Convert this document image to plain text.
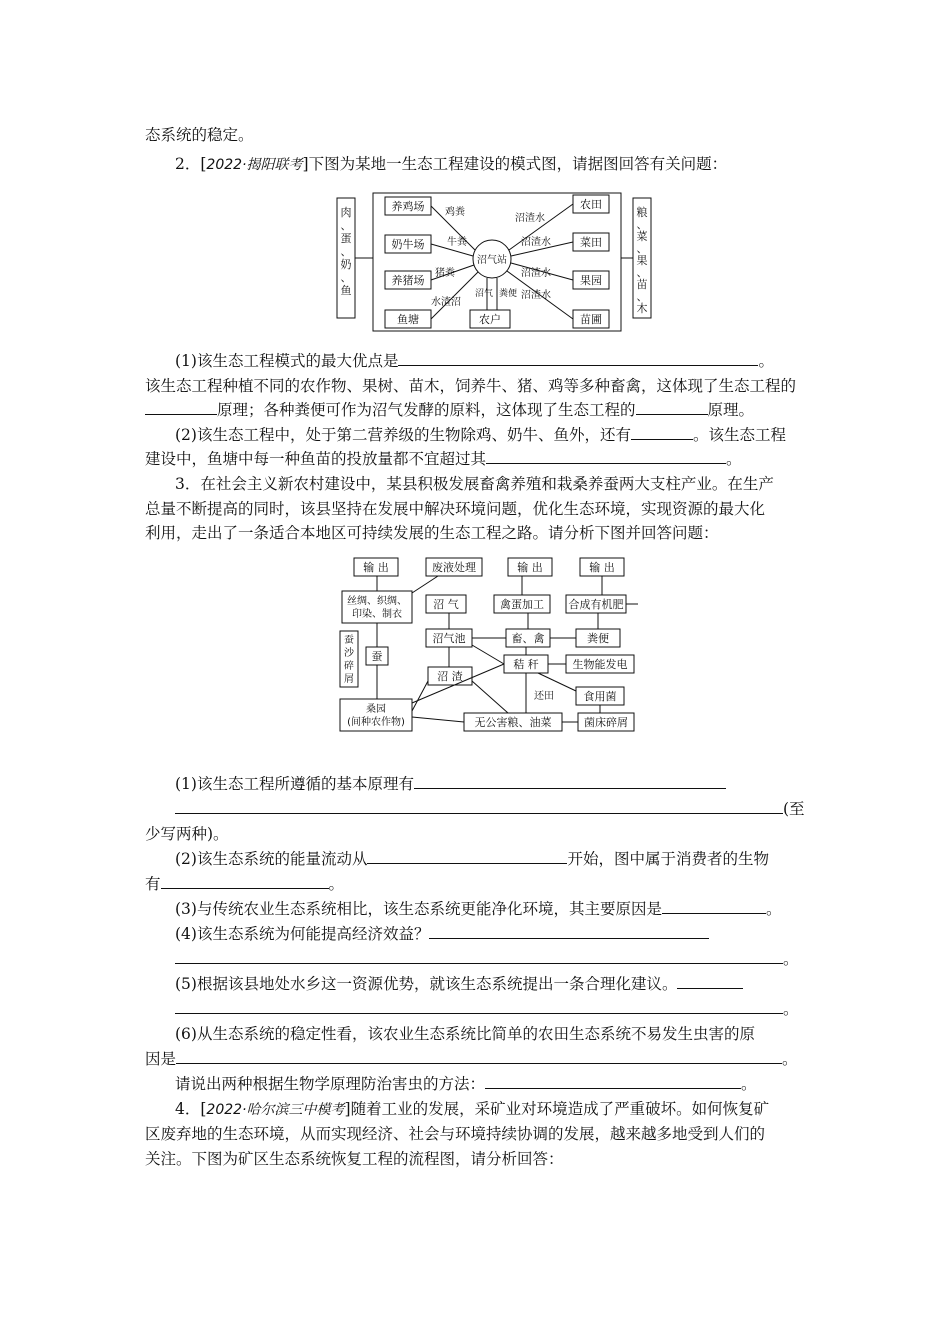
态系统的稳定。
2．[2022·揭阳联考]下图为某地一生态工程建设的模式图，请据图回答有关问题：
肉、蛋、奶、鱼
粮、菜、果、苗、木
养鸡场
奶牛场
养猪场
鱼塘
农田
菜田
果园
苗圃
沼气站
农户
鸡粪
牛粪
猪粪
水渣沼
沼渣水
沼渣水
沼渣水
沼渣水
沼气 粪便
(1)该生态工程模式的最大优点是	。
该生态工程种植不同的农作物、果树、苗木，饲养牛、猪、鸡等多种畜禽，这体现了生态工程的
原理；各种粪便可作为沼气发酵的原料，这体现了生态工程的	原理。
(2)该生态工程中，处于第二营养级的生物除鸡、奶牛、鱼外，还有	。该生态工程
建设中，鱼塘中每一种鱼苗的投放量都不宜超过其	。
3．在社会主义新农村建设中，某县积极发展畜禽养殖和栽桑养蚕两大支柱产业。在生产
总量不断提高的同时，该县坚持在发展中解决环境问题，优化生态环境，实现资源的最大化
利用，走出了一条适合本地区可持续发展的生态工程之路。请分析下图并回答问题：
输 出	废液处理	输 出	输 出
丝绸、织绸、印染、制衣
沼 气	禽蛋加工 合成有机肥
蚕沙碎屑
蚕
沼气池	畜、禽	粪便
秸 秆	生物能发电
沼 渣
还田	食用菌
桑园(间种农作物)	无公害粮、油菜	菌床碎屑
(1)该生态工程所遵循的基本原理有
(至
少写两种)。
(2)该生态系统的能量流动从	开始，图中属于消费者的生物
有	。
(3)与传统农业生态系统相比，该生态系统更能净化环境，其主要原因是	。
(4)该生态系统为何能提高经济效益？
。
(5)根据该县地处水乡这一资源优势，就该生态系统提出一条合理化建议。
。
(6)从生态系统的稳定性看，该农业生态系统比简单的农田生态系统不易发生虫害的原
因是	。
请说出两种根据生物学原理防治害虫的方法：	。
4．[2022·哈尔滨三中模考]随着工业的发展，采矿业对环境造成了严重破坏。如何恢复矿
区废弃地的生态环境，从而实现经济、社会与环境持续协调的发展，越来越多地受到人们的
关注。下图为矿区生态系统恢复工程的流程图，请分析回答：
